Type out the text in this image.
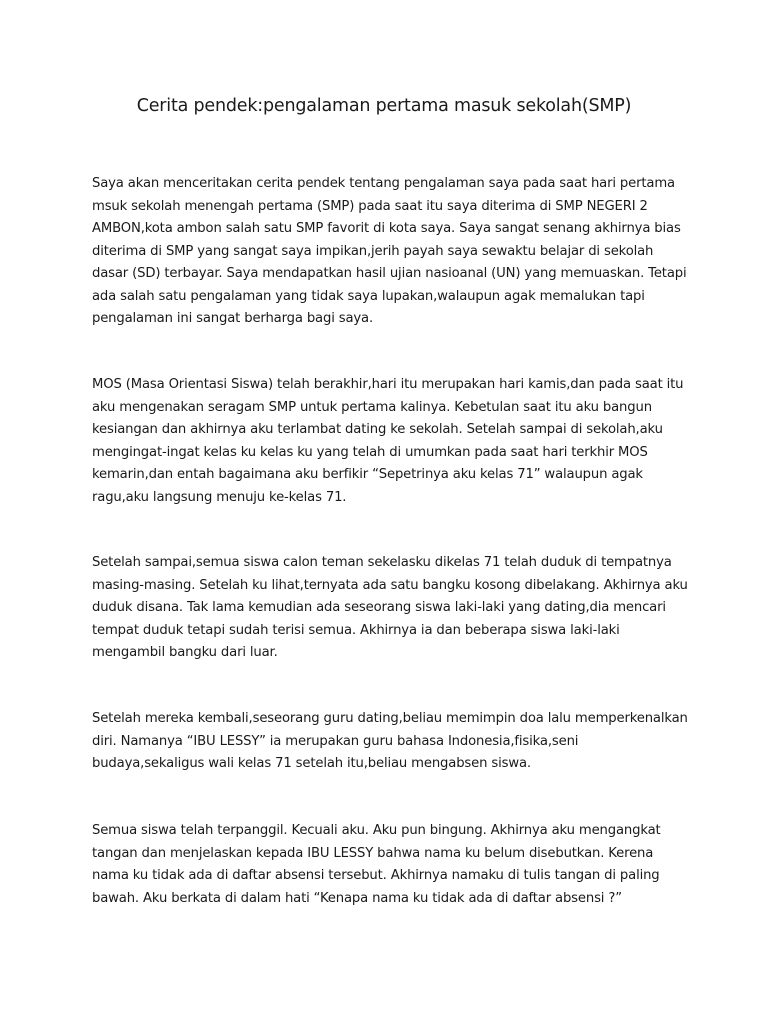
Cerita pendek:pengalaman pertama masuk sekolah(SMP)

Saya akan menceritakan cerita pendek tentang pengalaman saya pada saat hari pertama msuk sekolah menengah pertama (SMP) pada saat itu saya diterima di SMP NEGERI 2 AMBON,kota ambon salah satu SMP favorit di kota saya. Saya sangat senang akhirnya bias diterima di SMP yang sangat saya impikan,jerih payah saya sewaktu belajar di sekolah dasar (SD) terbayar. Saya mendapatkan hasil ujian nasioanal (UN) yang memuaskan. Tetapi ada salah satu pengalaman yang tidak saya lupakan,walaupun agak memalukan tapi pengalaman ini sangat berharga bagi saya.

MOS (Masa Orientasi Siswa) telah berakhir,hari itu merupakan hari kamis,dan pada saat itu aku mengenakan seragam SMP untuk pertama kalinya. Kebetulan saat itu aku bangun kesiangan dan akhirnya aku terlambat dating ke sekolah. Setelah sampai di sekolah,aku mengingat-ingat kelas ku kelas ku yang telah di umumkan pada saat hari terkhir MOS kemarin,dan entah bagaimana aku berfikir “Sepetrinya aku kelas 71” walaupun agak ragu,aku langsung menuju ke-kelas 71.

Setelah sampai,semua siswa calon teman sekelasku dikelas 71 telah duduk di tempatnya masing-masing. Setelah ku lihat,ternyata ada satu bangku kosong dibelakang. Akhirnya aku duduk disana. Tak lama kemudian ada seseorang siswa laki-laki yang dating,dia mencari tempat duduk tetapi sudah terisi semua. Akhirnya ia dan beberapa siswa laki-laki mengambil bangku dari luar.

Setelah mereka kembali,seseorang guru dating,beliau memimpin doa lalu memperkenalkan diri. Namanya “IBU LESSY” ia merupakan guru bahasa Indonesia,fisika,seni budaya,sekaligus wali kelas 71 setelah itu,beliau mengabsen siswa.

Semua siswa telah terpanggil. Kecuali aku. Aku pun bingung. Akhirnya aku mengangkat tangan dan menjelaskan kepada IBU LESSY bahwa nama ku belum disebutkan. Kerena nama ku tidak ada di daftar absensi tersebut. Akhirnya namaku di tulis tangan di paling bawah. Aku berkata di dalam hati “Kenapa nama ku tidak ada di daftar absensi ?”
